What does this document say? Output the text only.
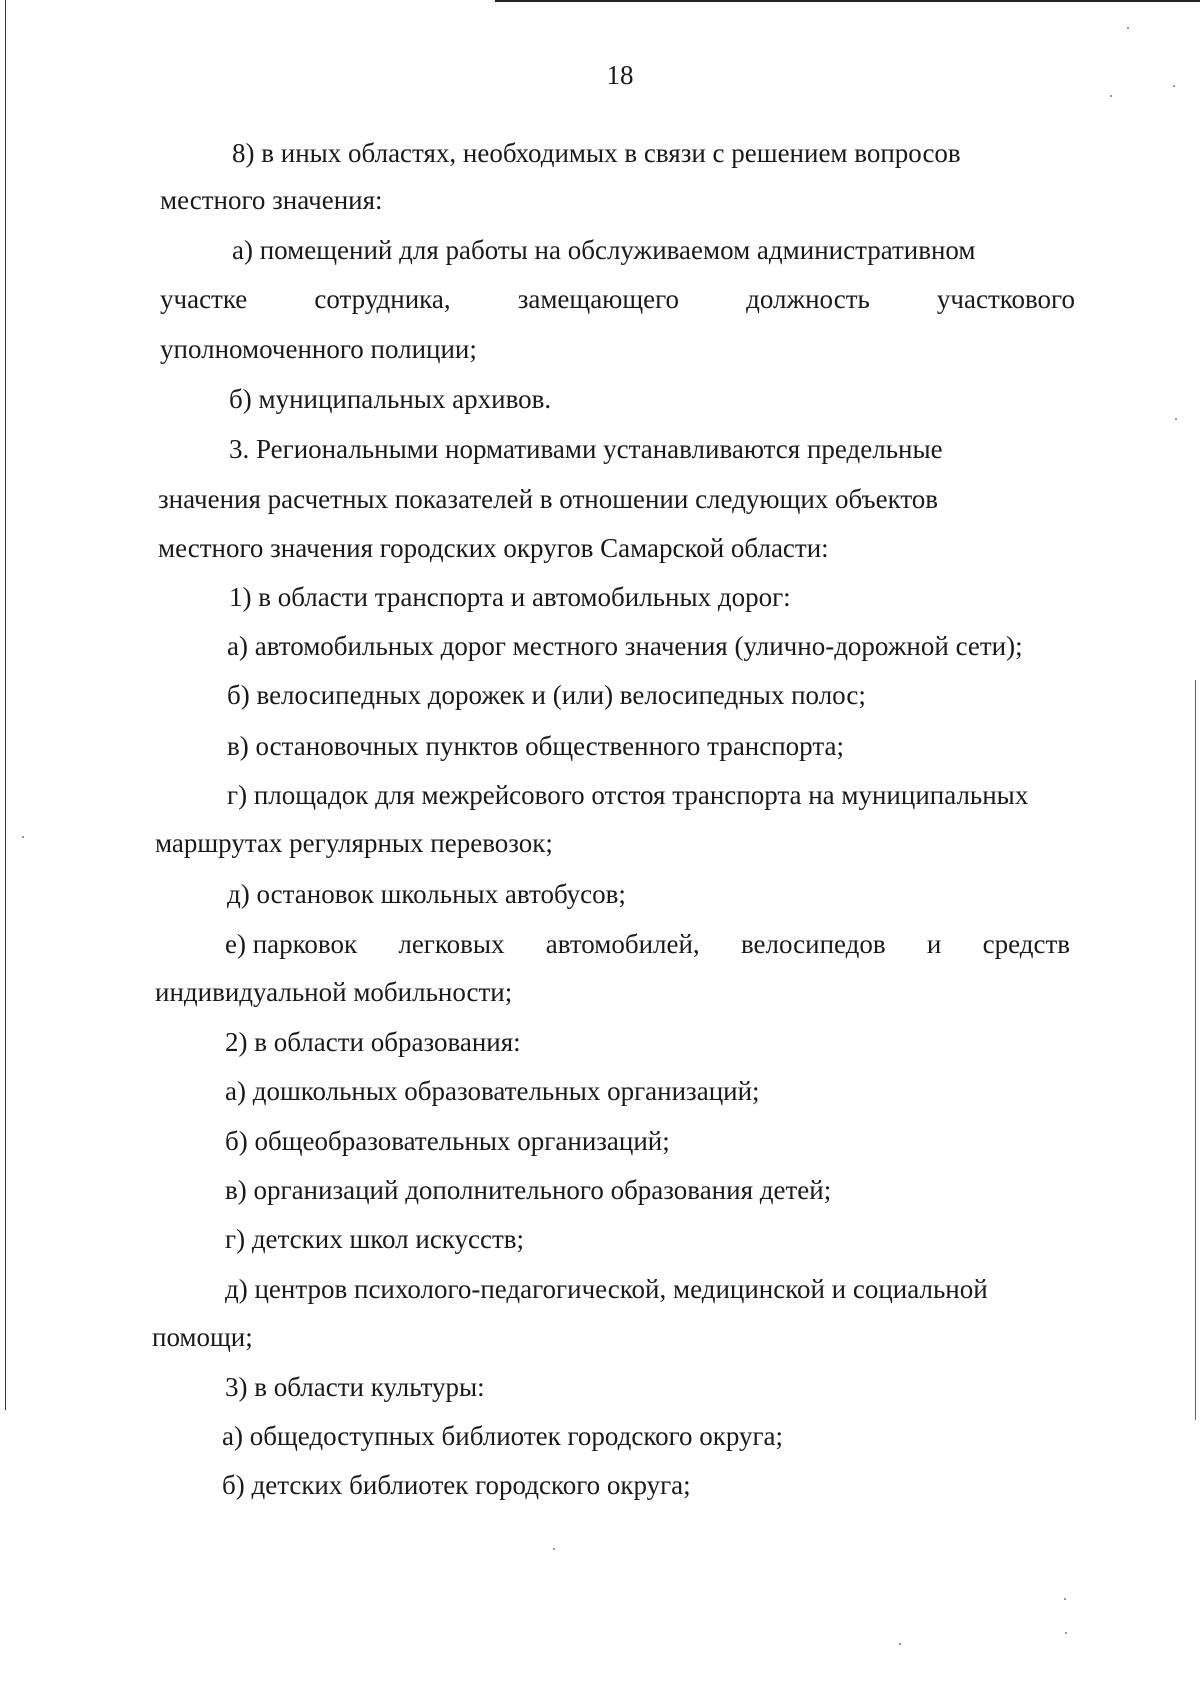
18
8) в иных областях, необходимых в связи с решением вопросов
местного значения:
а) помещений для работы на обслуживаемом административном
участке сотрудника, замещающего должность участкового
уполномоченного полиции;
б) муниципальных архивов.
3. Региональными нормативами устанавливаются предельные
значения расчетных показателей в отношении следующих объектов
местного значения городских округов Самарской области:
1) в области транспорта и автомобильных дорог:
а) автомобильных дорог местного значения (улично-дорожной сети);
б) велосипедных дорожек и (или) велосипедных полос;
в) остановочных пунктов общественного транспорта;
г) площадок для межрейсового отстоя транспорта на муниципальных
маршрутах регулярных перевозок;
д) остановок школьных автобусов;
е) парковок легковых автомобилей, велосипедов и средств
индивидуальной мобильности;
2) в области образования:
а) дошкольных образовательных организаций;
б) общеобразовательных организаций;
в) организаций дополнительного образования детей;
г) детских школ искусств;
д) центров психолого-педагогической, медицинской и социальной
помощи;
3) в области культуры:
а) общедоступных библиотек городского округа;
б) детских библиотек городского округа;
